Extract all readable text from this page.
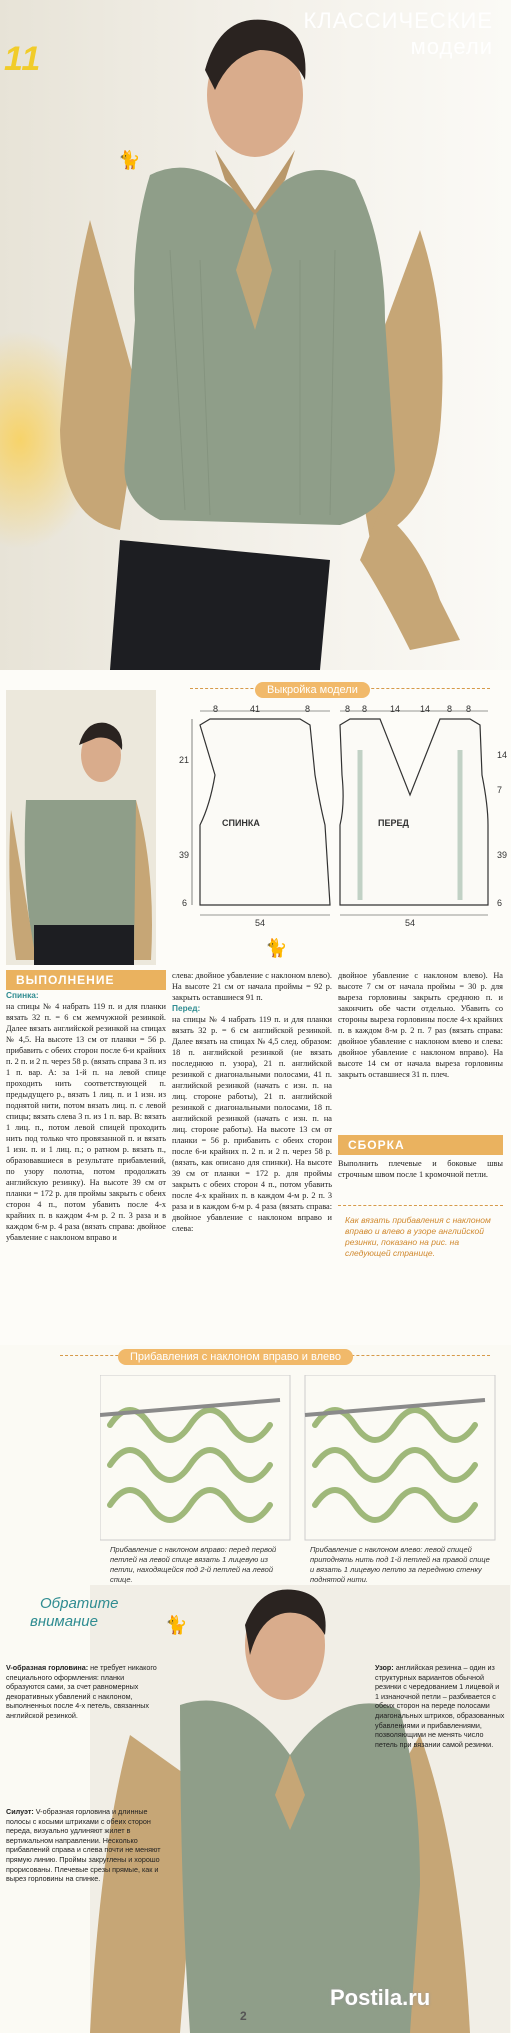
11
КЛАССИЧЕСКИЕ
модели
🐈
Выкройка модели
8	41	8
21
39
6
СПИНКА
54
8 8	14 14 8 8
14
7
39
6
ПЕРЕД
54
🐈
ВЫПОЛНЕНИЕ
Спинка:
на спицы № 4 набрать 119 п. и для планки вязать 32 п. = 6 см жемчужной резинкой. Далее вязать английской резинкой на спицах № 4,5. На высоте 13 см от планки = 56 р. прибавить с обеих сторон после 6-и крайних п. 2 п. и 2 п. через 58 р. (вязать справа 3 п. из 1 п. вар. А: за 1-й п. на левой спице проходить нить соответствующей п. предыдущего р., вязать 1 лиц. п. и 1 изн. из поднятой нити, потом вязать лиц. п. с левой спицы; вязать слева 3 п. из 1 п. вар. В: вязать 1 лиц. п., потом левой спицей проходить нить под только что провязанной п. и вязать 1 изн. п. и 1 лиц. п.; о ратном р. вязать п., образовавшиеся в результате прибавлений, по узору полотна, потом продолжать английскую резинку). На высоте 39 см от планки = 172 р. для проймы закрыть с обеих сторон 4 п., потом убавить после 4-х крайних п. в каждом 4-м р. 2 п. 3 раза и в каждом 6-м р. 4 раза (вязать справа: двойное убавление с наклоном вправо и
слева: двойное убавление с наклоном влево). На высоте 21 см от начала проймы = 92 р. закрыть оставшиеся 91 п.
Перед:
на спицы № 4 набрать 119 п. и для планки вязать 32 р. = 6 см английской резинкой. Далее вязать на спицах № 4,5 след. образом: 18 п. английской резинкой (не вязать последнюю п. узора), 21 п. английской резинкой с диагональными полосами, 41 п. английской резинкой (начать с изн. п. на лиц. стороне работы), 21 п. английской резинкой с диагональными полосами, 18 п. английской резинкой (начать с изн. п. на лиц. стороне работы). На высоте 13 см от планки = 56 р. прибавить с обеих сторон после 6-и крайних п. 2 п. и 2 п. через 58 р. (вязать, как описано для спинки). На высоте 39 см от планки = 172 р. для проймы закрыть с обеих сторон 4 п., потом убавить после 4-х крайних п. в каждом 4-м р. 2 п. 3 раза и в каждом 6-м р. 4 раза (вязать справа: двойное убавление с наклоном вправо и слева:
двойное убавление с наклоном влево). На высоте 7 см от начала проймы = 30 р. для выреза горловины закрыть среднюю п. и закончить обе части отдельно. Убавить со стороны выреза горловины после 4-х крайних п. в каждом 8-м р. 2 п. 7 раз (вязать справа: двойное убавление с наклоном влево и слева: двойное убавление с наклоном вправо). На высоте 14 см от начала выреза горловины закрыть оставшиеся 31 п. плеч.
СБОРКА
Выполнить плечевые и боковые швы строчным швом после 1 кромочной петли.
Как вязать прибавления с наклоном вправо и влево в узоре английской резинки, показано на рис. на следующей странице.
Прибавления с наклоном вправо и влево
Прибавление с наклоном вправо: перед первой петлей на левой спице вязать 1 лицевую из петли, находящейся под 2-й петлей на левой спице.
Прибавление с наклоном влево: левой спицей приподнять нить под 1-й петлей на правой спице и вязать 1 лицевую петлю за переднюю стенку поднятой нити.
Обратите
внимание	🐈
V-образная горловина: не требует никакого специального оформления: планки образуются сами, за счет равномерных декоративных убавлений с наклоном, выполненных после 4-х петель, связанных английской резинкой.
Силуэт: V-образная горловина и длинные полосы с косыми штрихами с обеих сторон переда, визуально удлиняют жилет в вертикальном направлении. Несколько прибавлений справа и слева почти не меняют прямую линию. Проймы закруглены и хорошо прорисованы. Плечевые срезы прямые, как и вырез горловины на спинке.
Узор: английская резинка – один из структурных вариантов обычной резинки с чередованием 1 лицевой и 1 изнаночной петли – разбивается с обеих сторон на переде полосами диагональных штрихов, образованных убавлениями и прибавлениями, позволяющими не менять число петель при вязании самой резинки.
2
Postila.ru
